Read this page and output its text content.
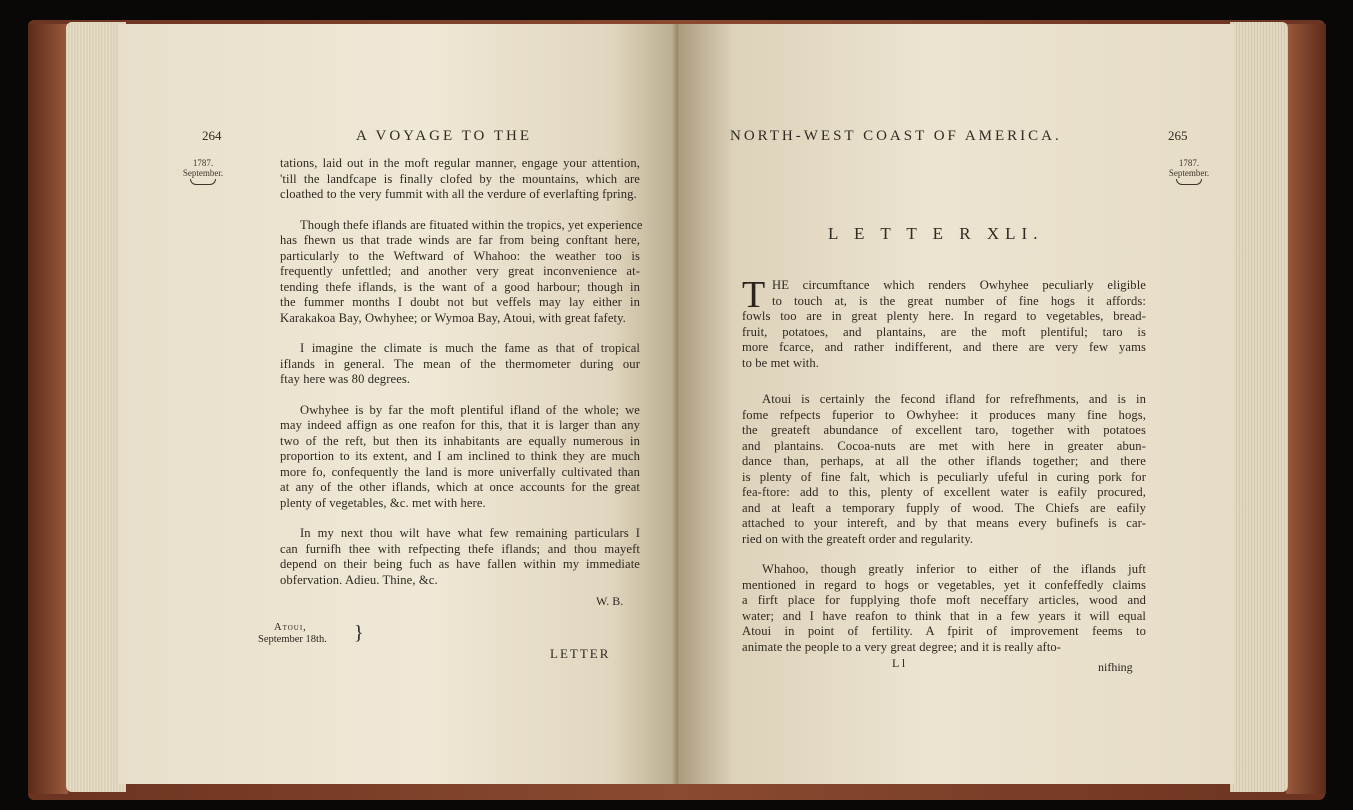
264	A VOYAGE TO THE
1787.
September.
tations, laid out in the moft regular manner, engage your attention,
'till the landfcape is finally clofed by the mountains, which are
cloathed to the very fummit with all the verdure of everlafting fpring.
Though thefe iflands are fituated within the tropics, yet experience
has fhewn us that trade winds are far from being conftant here,
particularly to the Weftward of Whahoo: the weather too is
frequently unfettled; and another very great inconvenience at-
tending thefe iflands, is the want of a good harbour; though in
the fummer months I doubt not but veffels may lay either in
Karakakoa Bay, Owhyhee; or Wymoa Bay, Atoui, with great fafety.
I imagine the climate is much the fame as that of tropical
iflands in general. The mean of the thermometer during our
ftay here was 80 degrees.
Owhyhee is by far the moft plentiful ifland of the whole; we
may indeed affign as one reafon for this, that it is larger than any
two of the reft, but then its inhabitants are equally numerous in
proportion to its extent, and I am inclined to think they are much
more fo, confequently the land is more univerfally cultivated than
at any of the other iflands, which at once accounts for the great
plenty of vegetables, &c. met with here.
In my next thou wilt have what few remaining particulars I
can furnifh thee with refpecting thefe iflands; and thou mayeft
depend on their being fuch as have fallen within my immediate
obfervation. Adieu. Thine, &c.
W. B.
Atoui,
September 18th.	}
LETTER
NORTH-WEST COAST OF AMERICA.	265
1787.
September.
L E T T E R XLI.
T HE circumftance which renders Owhyhee peculiarly eligible
to touch at, is the great number of fine hogs it affords:
fowls too are in great plenty here. In regard to vegetables, bread-
fruit, potatoes, and plantains, are the moft plentiful; taro is
more fcarce, and rather indifferent, and there are very few yams
to be met with.
Atoui is certainly the fecond ifland for refrefhments, and is in
fome refpects fuperior to Owhyhee: it produces many fine hogs,
the greateft abundance of excellent taro, together with potatoes
and plantains. Cocoa-nuts are met with here in greater abun-
dance than, perhaps, at all the other iflands together; and there
is plenty of fine falt, which is peculiarly ufeful in curing pork for
fea-ftore: add to this, plenty of excellent water is eafily procured,
and at leaft a temporary fupply of wood. The Chiefs are eafily
attached to your intereft, and by that means every bufinefs is car-
ried on with the greateft order and regularity.
Whahoo, though greatly inferior to either of the iflands juft
mentioned in regard to hogs or vegetables, yet it confeffedly claims
a firft place for fupplying thofe moft neceffary articles, wood and
water; and I have reafon to think that in a few years it will equal
Atoui in point of fertility. A fpirit of improvement feems to
animate the people to a very great degree; and it is really afto-
L l	nifhing
